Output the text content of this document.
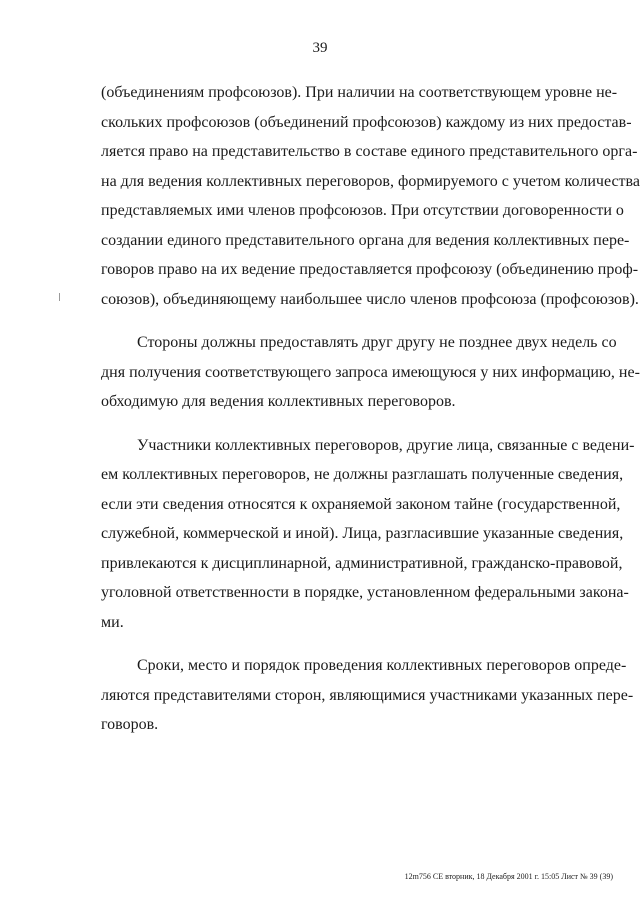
39
(объединениям профсоюзов). При наличии на соответствующем уровне не-
скольких профсоюзов (объединений профсоюзов) каждому из них предостав-
ляется право на представительство в составе единого представительного орга-
на для ведения коллективных переговоров, формируемого с учетом количества
представляемых ими членов профсоюзов. При отсутствии договоренности о
создании единого представительного органа для ведения коллективных пере-
говоров право на их ведение предоставляется профсоюзу (объединению проф-
союзов), объединяющему наибольшее число членов профсоюза (профсоюзов).
Стороны должны предоставлять друг другу не позднее двух недель со
дня получения соответствующего запроса имеющуюся у них информацию, не-
обходимую для ведения коллективных переговоров.
Участники коллективных переговоров, другие лица, связанные с ведени-
ем коллективных переговоров, не должны разглашать полученные сведения,
если эти сведения относятся к охраняемой законом тайне (государственной,
служебной, коммерческой и иной). Лица, разгласившие указанные сведения,
привлекаются к дисциплинарной, административной, гражданско-правовой,
уголовной ответственности в порядке, установленном федеральными закона-
ми.
Сроки, место и порядок проведения коллективных переговоров опреде-
ляются представителями сторон, являющимися участниками указанных пере-
говоров.
12m756 CE вторник, 18 Декабря 2001 г. 15:05 Лист № 39 (39)
